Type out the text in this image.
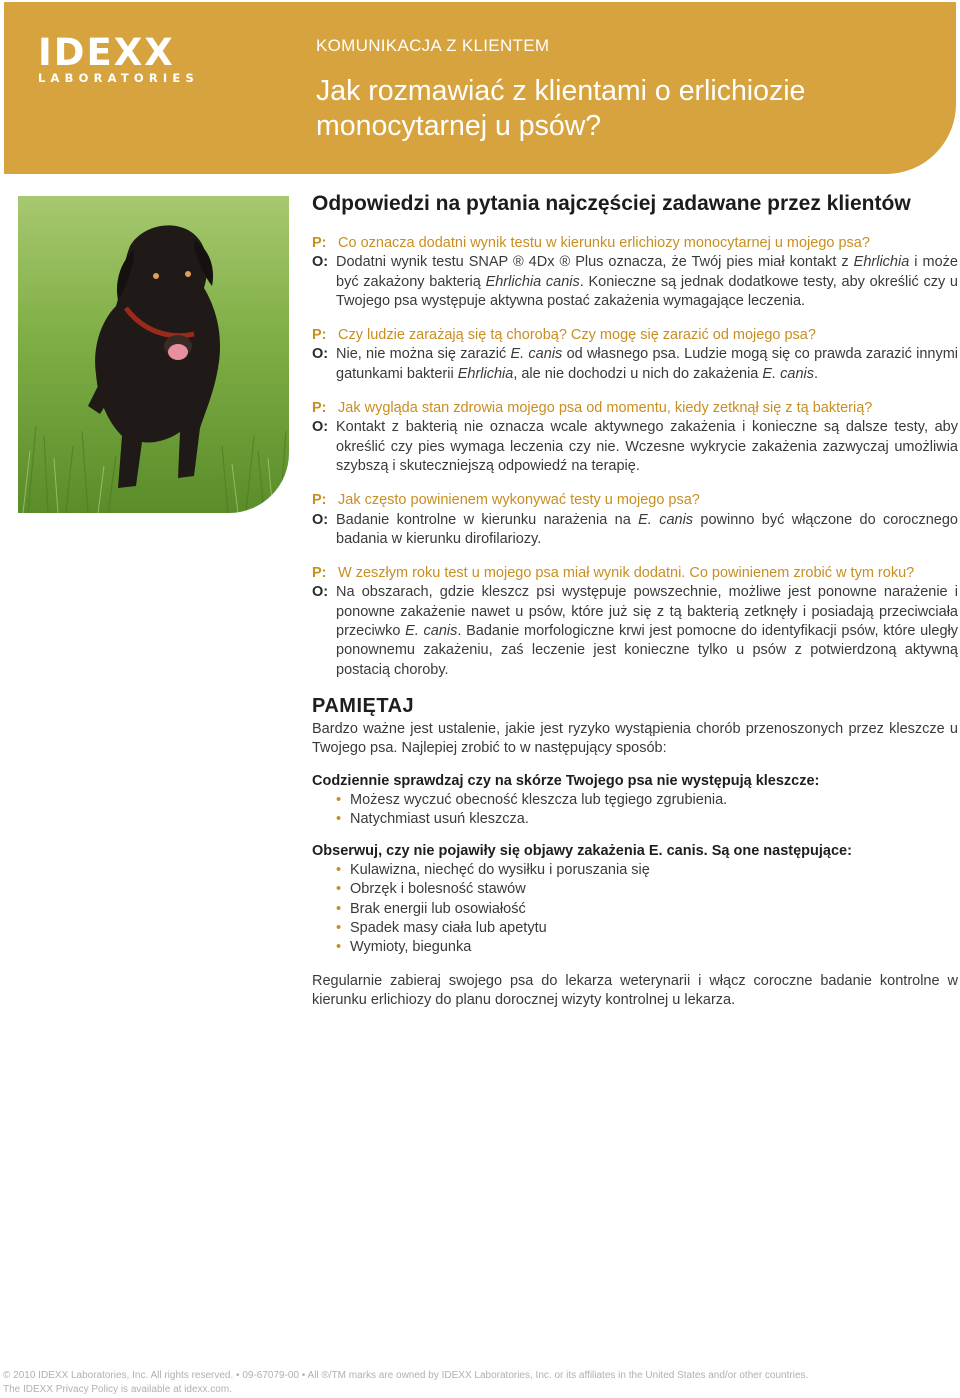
IDEXX
LABORATORIES
KOMUNIKACJA Z KLIENTEM
Jak rozmawiać z klientami o erlichiozie
monocytarnej u psów?
Odpowiedzi na pytania najczęściej zadawane przez klientów
P: Co oznacza dodatni wynik testu w kierunku erlichiozy monocytarnej u mojego psa?
O: Dodatni wynik testu SNAP ® 4Dx ® Plus oznacza, że Twój pies miał kontakt z Ehrlichia i może być zakażony bakterią Ehrlichia canis. Konieczne są jednak dodatkowe testy, aby określić czy u Twojego psa występuje aktywna postać zakażenia wymagające leczenia.
P: Czy ludzie zarażają się tą chorobą? Czy mogę się zarazić od mojego psa?
O: Nie, nie można się zarazić E. canis od własnego psa. Ludzie mogą się co prawda zarazić innymi gatunkami bakterii Ehrlichia, ale nie dochodzi u nich do zakażenia E. canis.
P: Jak wygląda stan zdrowia mojego psa od momentu, kiedy zetknął się z tą bakterią?
O: Kontakt z bakterią nie oznacza wcale aktywnego zakażenia i konieczne są dalsze testy, aby określić czy pies wymaga leczenia czy nie. Wczesne wykrycie zakażenia zazwyczaj umożliwia szybszą i skuteczniejszą odpowiedź na terapię.
P: Jak często powinienem wykonywać testy u mojego psa?
O: Badanie kontrolne w kierunku narażenia na E. canis powinno być włączone do corocznego badania w kierunku dirofilariozy.
P: W zeszłym roku test u mojego psa miał wynik dodatni. Co powinienem zrobić w tym roku?
O: Na obszarach, gdzie kleszcz psi występuje powszechnie, możliwe jest ponowne narażenie i ponowne zakażenie nawet u psów, które już się z tą bakterią zetknęły i posiadają przeciwciała przeciwko E. canis. Badanie morfologiczne krwi jest pomocne do identyfikacji psów, które uległy ponownemu zakażeniu, zaś leczenie jest konieczne tylko u psów z potwierdzoną aktywną postacią choroby.
PAMIĘTAJ

Bardzo ważne jest ustalenie, jakie jest ryzyko wystąpienia chorób przenoszonych przez kleszcze u Twojego psa. Najlepiej zrobić to w następujący sposób:

Codziennie sprawdzaj czy na skórze Twojego psa nie występują kleszcze:

• Możesz wyczuć obecność kleszcza lub tęgiego zgrubienia.
• Natychmiast usuń kleszcza.

Obserwuj, czy nie pojawiły się objawy zakażenia E. canis. Są one następujące:

• Kulawizna, niechęć do wysiłku i poruszania się
• Obrzęk i bolesność stawów
• Brak energii lub osowiałość
• Spadek masy ciała lub apetytu
• Wymioty, biegunka

Regularnie zabieraj swojego psa do lekarza weterynarii i włącz coroczne badanie kontrolne w kierunku erlichiozy do planu dorocznej wizyty kontrolnej u lekarza.

© 2010 IDEXX Laboratories, Inc. All rights reserved. • 09-67079-00 • All ®/TM marks are owned by IDEXX Laboratories, Inc. or its affiliates in the United States and/or other countries.
The IDEXX Privacy Policy is available at idexx.com.
